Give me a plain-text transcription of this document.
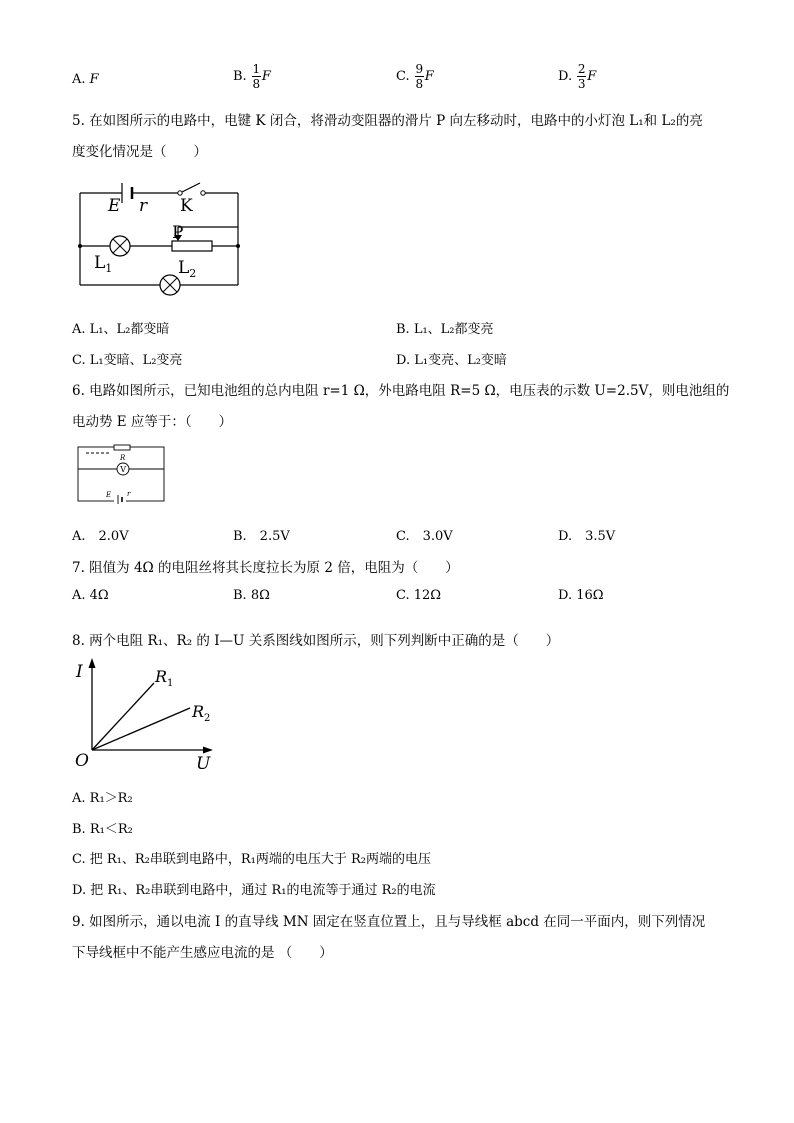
A. F	B. $\frac{1}{8}$ F	C. $\frac{9}{8}$ F	D. $\frac{2}{3}$ F
5. 在如图所示的电路中，电键 K 闭合，将滑动变阻器的滑片 P 向左移动时，电路中的小灯泡 L₁和 L₂的亮
度变化情况是（　　）
E r K
P
$L_1$	$L_2$
A. L₁、L₂都变暗	B. L₁、L₂都变亮
C. L₁变暗、L₂变亮	D. L₁变亮、L₂变暗
6. 电路如图所示，已知电池组的总内电阻 r=1 Ω，外电路电阻 R=5 Ω，电压表的示数 U=2.5V，则电池组的
电动势 E 应等于：（　　）
V
R
E r
A.　2.0V	B.　2.5V	C.　3.0V	D.　3.5V
7. 阻值为 4Ω 的电阻丝将其长度拉长为原 2 倍，电阻为（　　）
A. 4Ω	B. 8Ω	C. 12Ω	D. 16Ω
8. 两个电阻 R₁、R₂ 的 I—U 关系图线如图所示，则下列判断中正确的是（　　）
I
U
O
$R_1$
$R_2$
A. R₁＞R₂
B. R₁＜R₂
C. 把 R₁、R₂串联到电路中，R₁两端的电压大于 R₂两端的电压
D. 把 R₁、R₂串联到电路中，通过 R₁的电流等于通过 R₂的电流
9. 如图所示，通以电流 I 的直导线 MN 固定在竖直位置上，且与导线框 abcd 在同一平面内，则下列情况
下导线框中不能产生感应电流的是 （　　）
